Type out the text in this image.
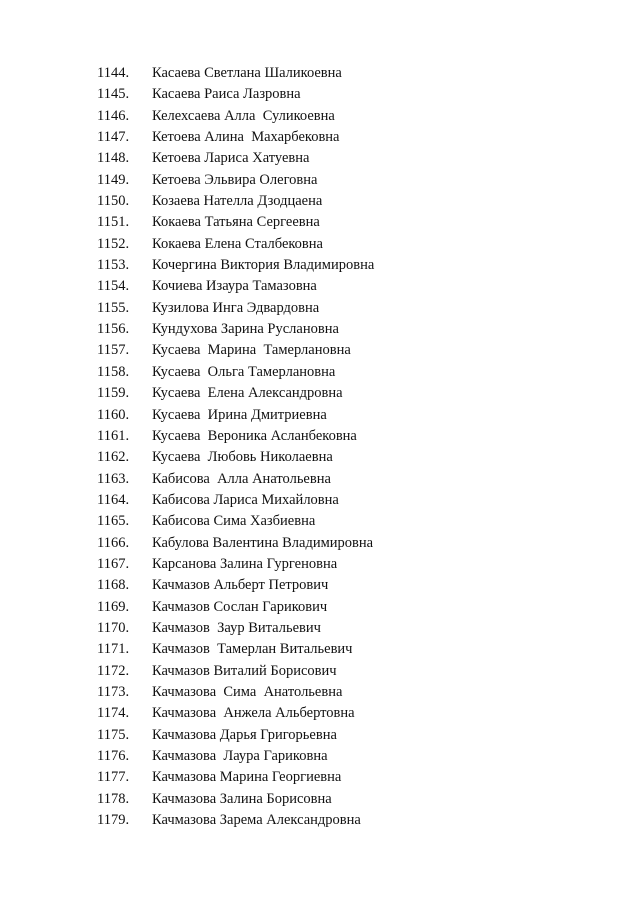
1144. Касаева Светлана Шаликоевна
1145. Касаева Раиса Лазровна
1146. Келехсаева Алла  Суликоевна
1147. Кетоева Алина  Махарбековна
1148. Кетоева Лариса Хатуевна
1149. Кетоева Эльвира Олеговна
1150. Козаева Нателла Дзодцаена
1151. Кокаева Татьяна Сергеевна
1152. Кокаева Елена Сталбековна
1153. Кочергина Виктория Владимировна
1154. Кочиева Изаура Тамазовна
1155. Кузилова Инга Эдвардовна
1156. Кундухова Зарина Руслановна
1157. Кусаева  Марина  Тамерлановна
1158. Кусаева  Ольга Тамерлановна
1159. Кусаева  Елена Александровна
1160. Кусаева  Ирина Дмитриевна
1161. Кусаева  Вероника Асланбековна
1162. Кусаева  Любовь Николаевна
1163. Кабисова  Алла Анатольевна
1164. Кабисова Лариса Михайловна
1165. Кабисова Сима Хазбиевна
1166. Кабулова Валентина Владимировна
1167. Карсанова Залина Гургеновна
1168. Качмазов Альберт Петрович
1169. Качмазов Сослан Гарикович
1170. Качмазов  Заур Витальевич
1171. Качмазов  Тамерлан Витальевич
1172. Качмазов Виталий Борисович
1173. Качмазова  Сима  Анатольевна
1174. Качмазова  Анжела Альбертовна
1175. Качмазова Дарья Григорьевна
1176. Качмазова  Лаура Гариковна
1177. Качмазова Марина Георгиевна
1178. Качмазова Залина Борисовна
1179. Качмазова Зарема Александровна
